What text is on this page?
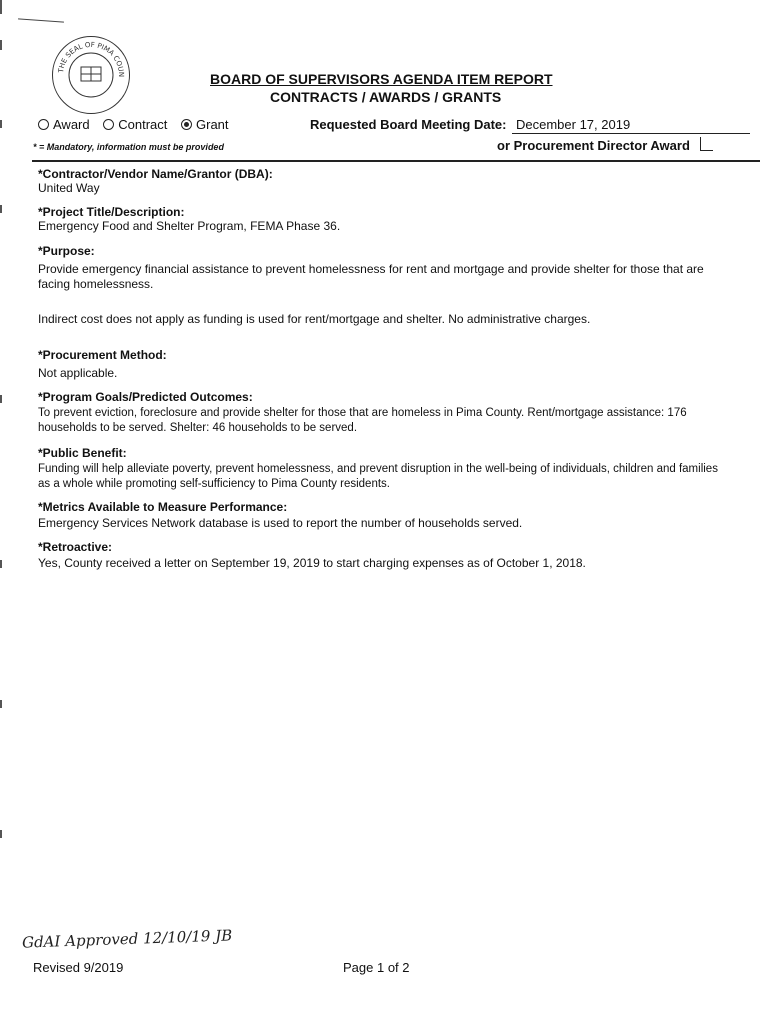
THE SEAL OF PIMA COUN	BOARD OF SUPERVISORS AGENDA ITEM REPORT
CONTRACTS / AWARDS / GRANTS
Award Contract Grant	Requested Board Meeting Date: December 17, 2019
* = Mandatory, information must be provided	or Procurement Director Award
*Contractor/Vendor Name/Grantor (DBA):
United Way
*Project Title/Description:
Emergency Food and Shelter Program, FEMA Phase 36.
*Purpose:
Provide emergency financial assistance to prevent homelessness for rent and mortgage and provide shelter for those that are facing homelessness.
Indirect cost does not apply as funding is used for rent/mortgage and shelter. No administrative charges.
*Procurement Method:
Not applicable.
*Program Goals/Predicted Outcomes:
To prevent eviction, foreclosure and provide shelter for those that are homeless in Pima County. Rent/mortgage assistance: 176 households to be served. Shelter: 46 households to be served.
*Public Benefit:
Funding will help alleviate poverty, prevent homelessness, and prevent disruption in the well-being of individuals, children and families as a whole while promoting self-sufficiency to Pima County residents.
*Metrics Available to Measure Performance:
Emergency Services Network database is used to report the number of households served.
*Retroactive:
Yes, County received a letter on September 19, 2019 to start charging expenses as of October 1, 2018.
GdAI Approved 12/10/19 JB
Revised 9/2019	Page 1 of 2
